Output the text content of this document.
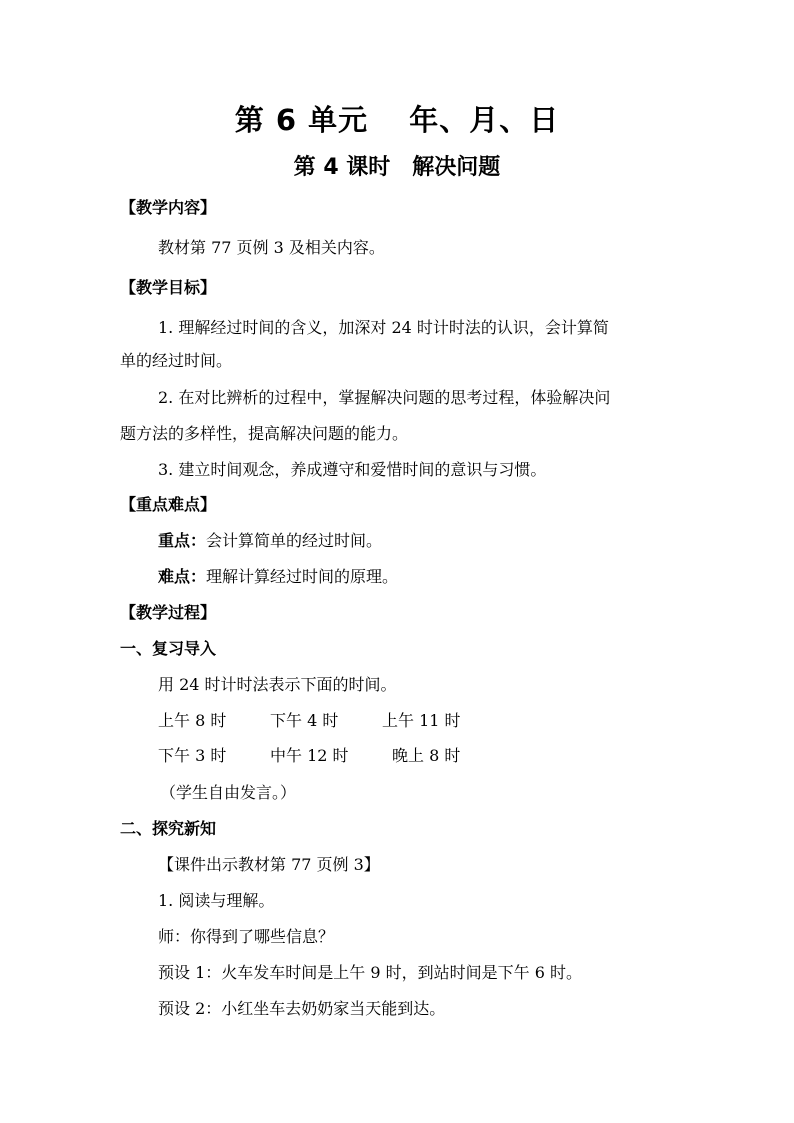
第 6 单元　 年、月、日
第 4 课时　解决问题
【教学内容】
教材第 77 页例 3 及相关内容。
【教学目标】
1. 理解经过时间的含义，加深对 24 时计时法的认识，会计算简
单的经过时间。
2. 在对比辨析的过程中，掌握解决问题的思考过程，体验解决问
题方法的多样性，提高解决问题的能力。
3. 建立时间观念，养成遵守和爱惜时间的意识与习惯。
【重点难点】
重点：会计算简单的经过时间。
难点：理解计算经过时间的原理。
【教学过程】
一、复习导入
用 24 时计时法表示下面的时间。
上午 8 时	下午 4 时	上午 11 时
下午 3 时	中午 12 时	晚上 8 时
（学生自由发言。）
二、探究新知
【课件出示教材第 77 页例 3】
1. 阅读与理解。
师：你得到了哪些信息？
预设 1：火车发车时间是上午 9 时，到站时间是下午 6 时。
预设 2：小红坐车去奶奶家当天能到达。
